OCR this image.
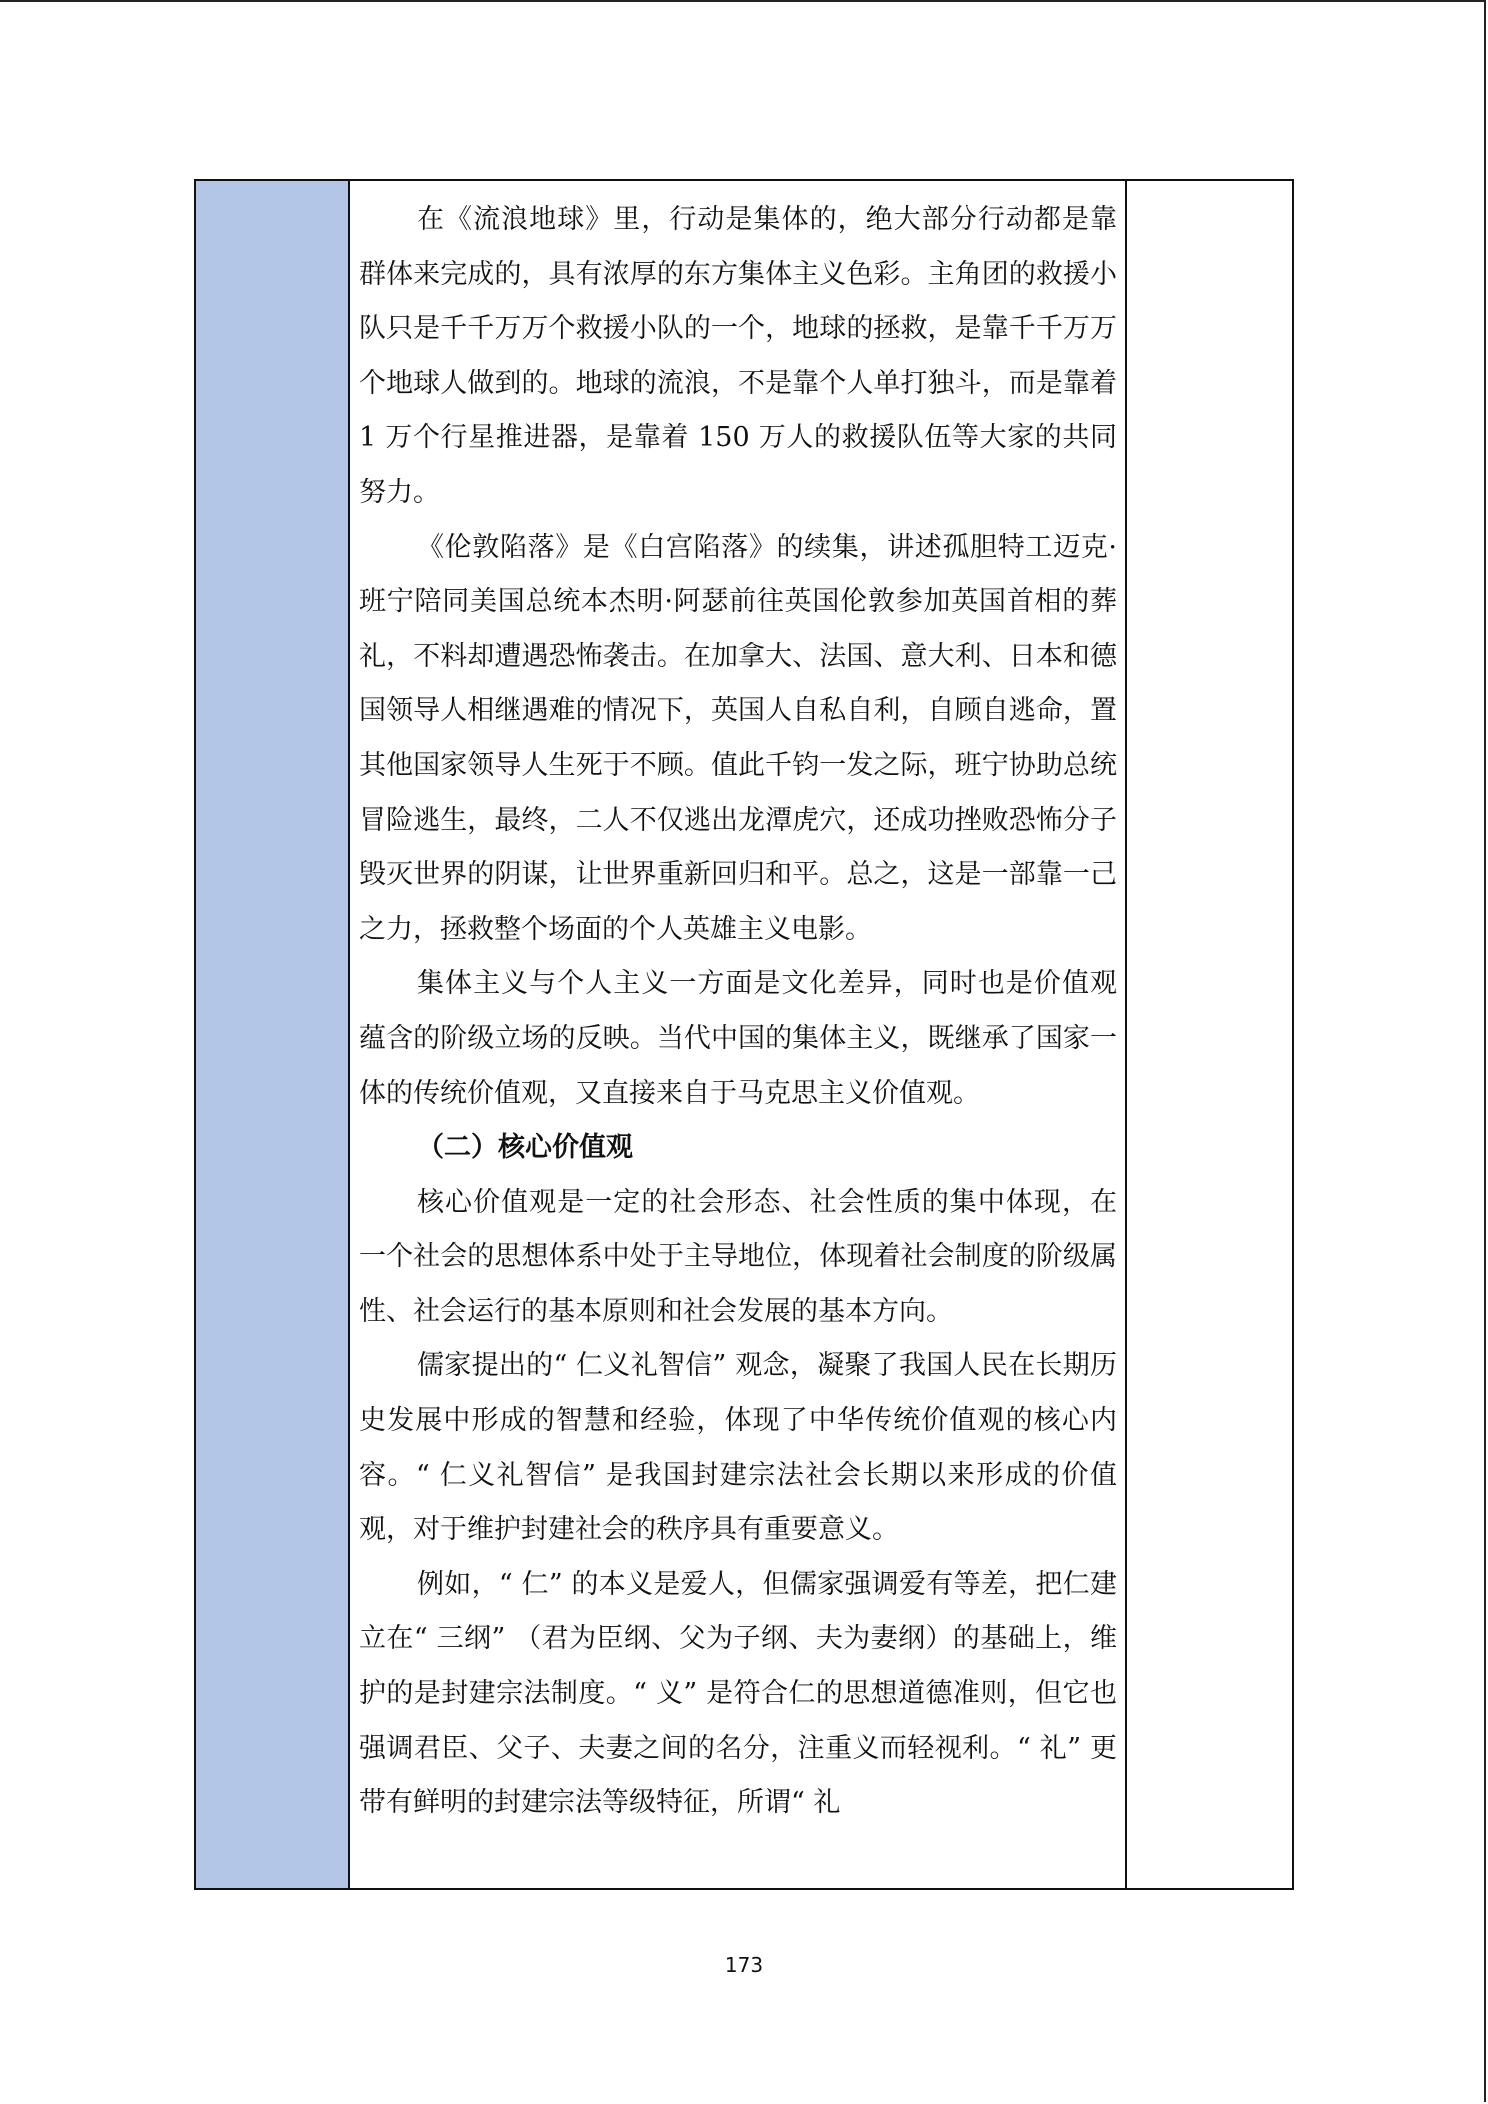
在《流浪地球》里，行动是集体的，绝大部分行动都是靠群体来完成的，具有浓厚的东方集体主义色彩。主角团的救援小队只是千千万万个救援小队的一个，地球的拯救，是靠千千万万个地球人做到的。地球的流浪，不是靠个人单打独斗，而是靠着 1 万个行星推进器，是靠着 150 万人的救援队伍等大家的共同努力。

《伦敦陷落》是《白宫陷落》的续集，讲述孤胆特工迈克·班宁陪同美国总统本杰明·阿瑟前往英国伦敦参加英国首相的葬礼，不料却遭遇恐怖袭击。在加拿大、法国、意大利、日本和德国领导人相继遇难的情况下，英国人自私自利，自顾自逃命，置其他国家领导人生死于不顾。值此千钧一发之际，班宁协助总统冒险逃生，最终，二人不仅逃出龙潭虎穴，还成功挫败恐怖分子毁灭世界的阴谋，让世界重新回归和平。总之，这是一部靠一己之力，拯救整个场面的个人英雄主义电影。

集体主义与个人主义一方面是文化差异，同时也是价值观蕴含的阶级立场的反映。当代中国的集体主义，既继承了国家一体的传统价值观，又直接来自于马克思主义价值观。

（二）核心价值观

核心价值观是一定的社会形态、社会性质的集中体现，在一个社会的思想体系中处于主导地位，体现着社会制度的阶级属性、社会运行的基本原则和社会发展的基本方向。

儒家提出的“ 仁义礼智信” 观念，凝聚了我国人民在长期历史发展中形成的智慧和经验，体现了中华传统价值观的核心内容。“ 仁义礼智信” 是我国封建宗法社会长期以来形成的价值观，对于维护封建社会的秩序具有重要意义。

例如，“ 仁” 的本义是爱人，但儒家强调爱有等差，把仁建立在“ 三纲” （君为臣纲、父为子纲、夫为妻纲）的基础上，维护的是封建宗法制度。“ 义” 是符合仁的思想道德准则，但它也强调君臣、父子、夫妻之间的名分，注重义而轻视利。“ 礼” 更带有鲜明的封建宗法等级特征，所谓“ 礼

173
